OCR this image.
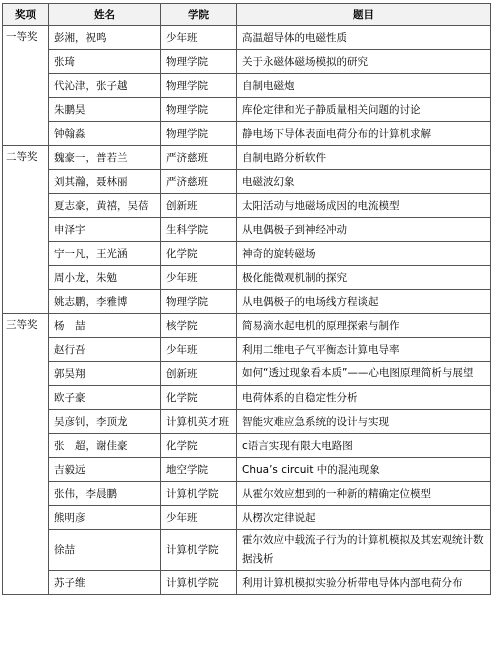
奖项	姓名	学院	题目
一等奖	彭湘，祝鸣	少年班	高温超导体的电磁性质
	张琦	物理学院	关于永磁体磁场模拟的研究
	代沁津，张子越	物理学院	自制电磁炮
	朱鹏昊	物理学院	库伦定律和光子静质量相关问题的讨论
	钟翰淼	物理学院	静电场下导体表面电荷分布的计算机求解
二等奖	魏豪一，普若兰	严济慈班	自制电路分析软件
	刘其瀚，聂林丽	严济慈班	电磁波幻象
	夏志豪，黄禧，吴蓓	创新班	太阳活动与地磁场成因的电流模型
	申泽宇	生科学院	从电偶极子到神经冲动
	宁一凡，王光涵	化学院	神奇的旋转磁场
	周小龙，朱勉	少年班	极化能微观机制的探究
	姚志鹏，李雅博	物理学院	从电偶极子的电场线方程谈起
三等奖	杨　喆	核学院	简易滴水起电机的原理探索与制作
	赵行吾	少年班	利用二维电子气平衡态计算电导率
	郭昊翔	创新班	如何“透过现象看本质”——心电图原理简析与展望
	欧子豪	化学院	电荷体系的自稳定性分析
	吴彦钊，李顶龙	计算机英才班	智能灾难应急系统的设计与实现
	张　超，谢佳豪	化学院	c语言实现有限大电路图
	吉毅远	地空学院	Chua’s circuit 中的混沌现象
	张伟，李晨鹏	计算机学院	从霍尔效应想到的一种新的精确定位模型
	熊明彦	少年班	从楞次定律说起
	徐喆	计算机学院	霍尔效应中载流子行为的计算机模拟及其宏观统计数据浅析
	苏子维	计算机学院	利用计算机模拟实验分析带电导体内部电荷分布
